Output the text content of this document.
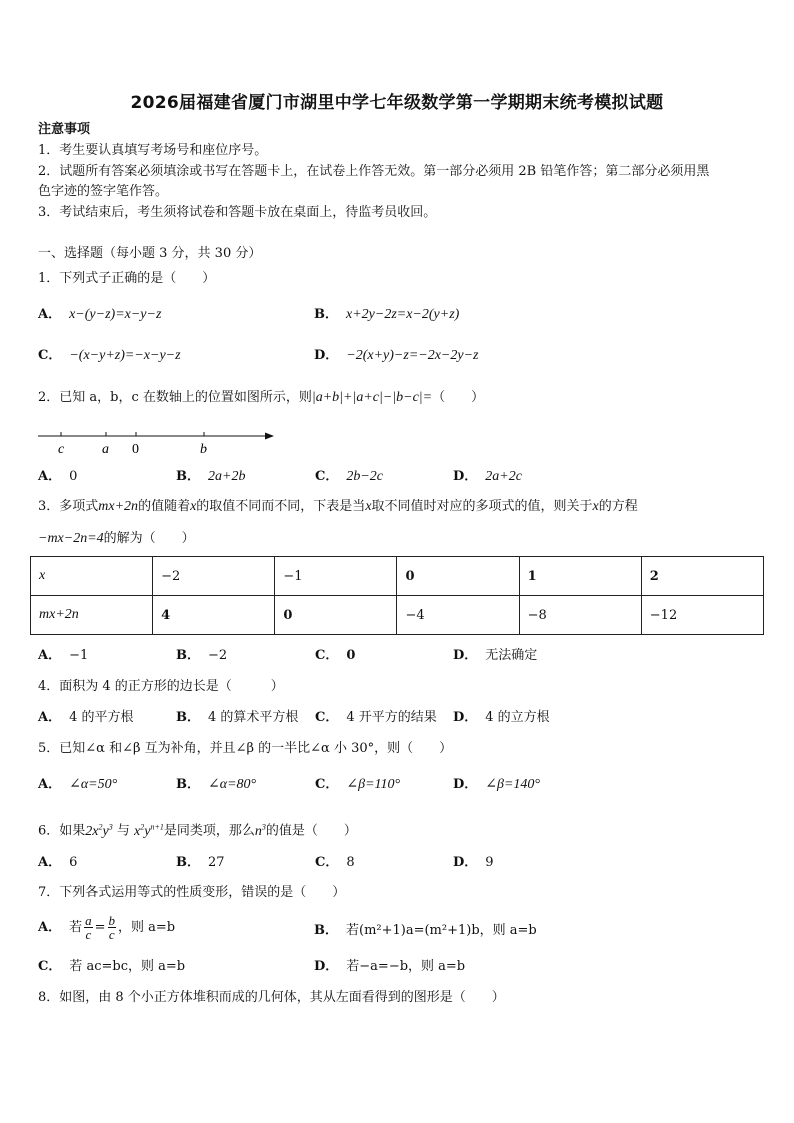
2026届福建省厦门市湖里中学七年级数学第一学期期末统考模拟试题
注意事项
1．考生要认真填写考场号和座位序号。
2．试题所有答案必须填涂或书写在答题卡上，在试卷上作答无效。第一部分必须用 2B 铅笔作答；第二部分必须用黑
色字迹的签字笔作答。
3．考试结束后，考生须将试卷和答题卡放在桌面上，待监考员收回。
一、选择题（每小题 3 分，共 30 分）
1．下列式子正确的是（　　）
A． x−(y−z)=x−y−z	B． x+2y−2z=x−2(y+z)
C． −(x−y+z)=−x−y−z	D． −2(x+y)−z=−2x−2y−z
2．已知 a，b，c 在数轴上的位置如图所示，则|a+b|+|a+c|−|b−c|=（　　）
c	a 0	b
A． 0	B． 2a+2b	C． 2b−2c	D． 2a+2c
3．多项式mx+2n的值随着x的取值不同而不同，下表是当x取不同值时对应的多项式的值，则关于x的方程
−mx−2n=4的解为（　　）
x	−2	−1	0	1	2
mx+2n	4	0	−4	−8	−12
A． −1	B． −2	C． 0	D． 无法确定
4．面积为 4 的正方形的边长是（　　　）
A． 4 的平方根	B． 4 的算术平方根 C． 4 开平方的结果 D． 4 的立方根
5．已知∠α 和∠β 互为补角，并且∠β 的一半比∠α 小 30°，则（　　）
A． ∠α=50°	B． ∠α=80°	C． ∠β=110°	D． ∠β=140°
6．如果$2x^2y^3$ 与 $x^2y^{n+1}$是同类项，那么$n^3$的值是（　　）
A． 6	B． 27	C． 8	D． 9
7．下列各式运用等式的性质变形，错误的是（　　）
A． 若 $\frac{a}{c} = \frac{b}{c}$ ，则 a=b	B． 若(m²+1)a=(m²+1)b，则 a=b
C． 若 ac=bc，则 a=b	D． 若−a=−b，则 a=b
8．如图，由 8 个小正方体堆积而成的几何体，其从左面看得到的图形是（　　）
